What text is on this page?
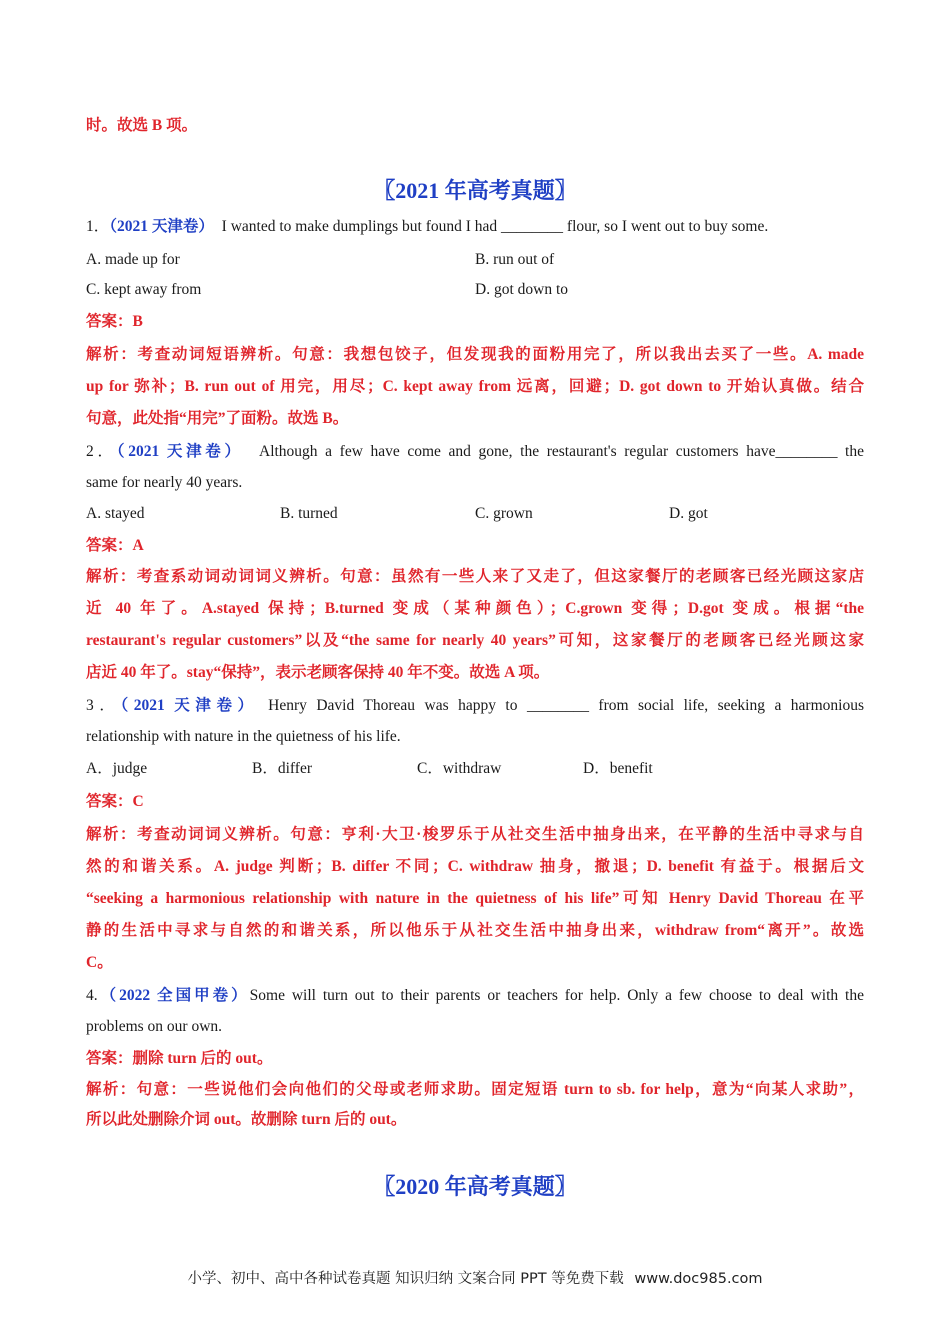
时。故选 B 项。
〖2021 年高考真题〗
1．（2021 天津卷） I wanted to make dumplings but found I had ________ flour, so I went out to buy some.
A. made up for	B. run out of
C. kept away from	D. got down to
答案：B
解析：考查动词短语辨析。句意：我想包饺子，但发现我的面粉用完了，所以我出去买了一些。A. made
up for 弥补；B. run out of 用完，用尽；C. kept away from 远离，回避；D. got down to 开始认真做。结合
句意，此处指“用完”了面粉。故选 B。
2．（2021 天津卷） Although a few have come and gone, the restaurant's regular customers have________ the
same for nearly 40 years.
A. stayed	B. turned	C. grown	D. got
答案：A
解析：考查系动词动词词义辨析。句意：虽然有一些人来了又走了，但这家餐厅的老顾客已经光顾这家店
近 40 年了。A.stayed 保持；B.turned 变成（某种颜色）；C.grown 变得；D.got 变成。根据“the
restaurant's regular customers”以及“the same for nearly 40 years”可知，这家餐厅的老顾客已经光顾这家
店近 40 年了。stay“保持”，表示老顾客保持 40 年不变。故选 A 项。
3．（2021 天津卷） Henry David Thoreau was happy to ________ from social life, seeking a harmonious
relationship with nature in the quietness of his life.
A．judge	B．differ	C．withdraw	D．benefit
答案：C
解析：考查动词词义辨析。句意：亨利·大卫·梭罗乐于从社交生活中抽身出来，在平静的生活中寻求与自
然的和谐关系。A. judge 判断；B. differ 不同；C. withdraw 抽身，撤退；D. benefit 有益于。根据后文
“seeking a harmonious relationship with nature in the quietness of his life”可知 Henry David Thoreau 在平
静的生活中寻求与自然的和谐关系，所以他乐于从社交生活中抽身出来，withdraw from“离开”。故选
C。
4.（2022 全国甲卷）Some will turn out to their parents or teachers for help. Only a few choose to deal with the
problems on our own.
答案：删除 turn 后的 out。
解析：句意：一些说他们会向他们的父母或老师求助。固定短语 turn to sb. for help，意为“向某人求助”，
所以此处删除介词 out。故删除 turn 后的 out。
〖2020 年高考真题〗
小学、初中、高中各种试卷真题 知识归纳 文案合同 PPT 等免费下载 www.doc985.com
